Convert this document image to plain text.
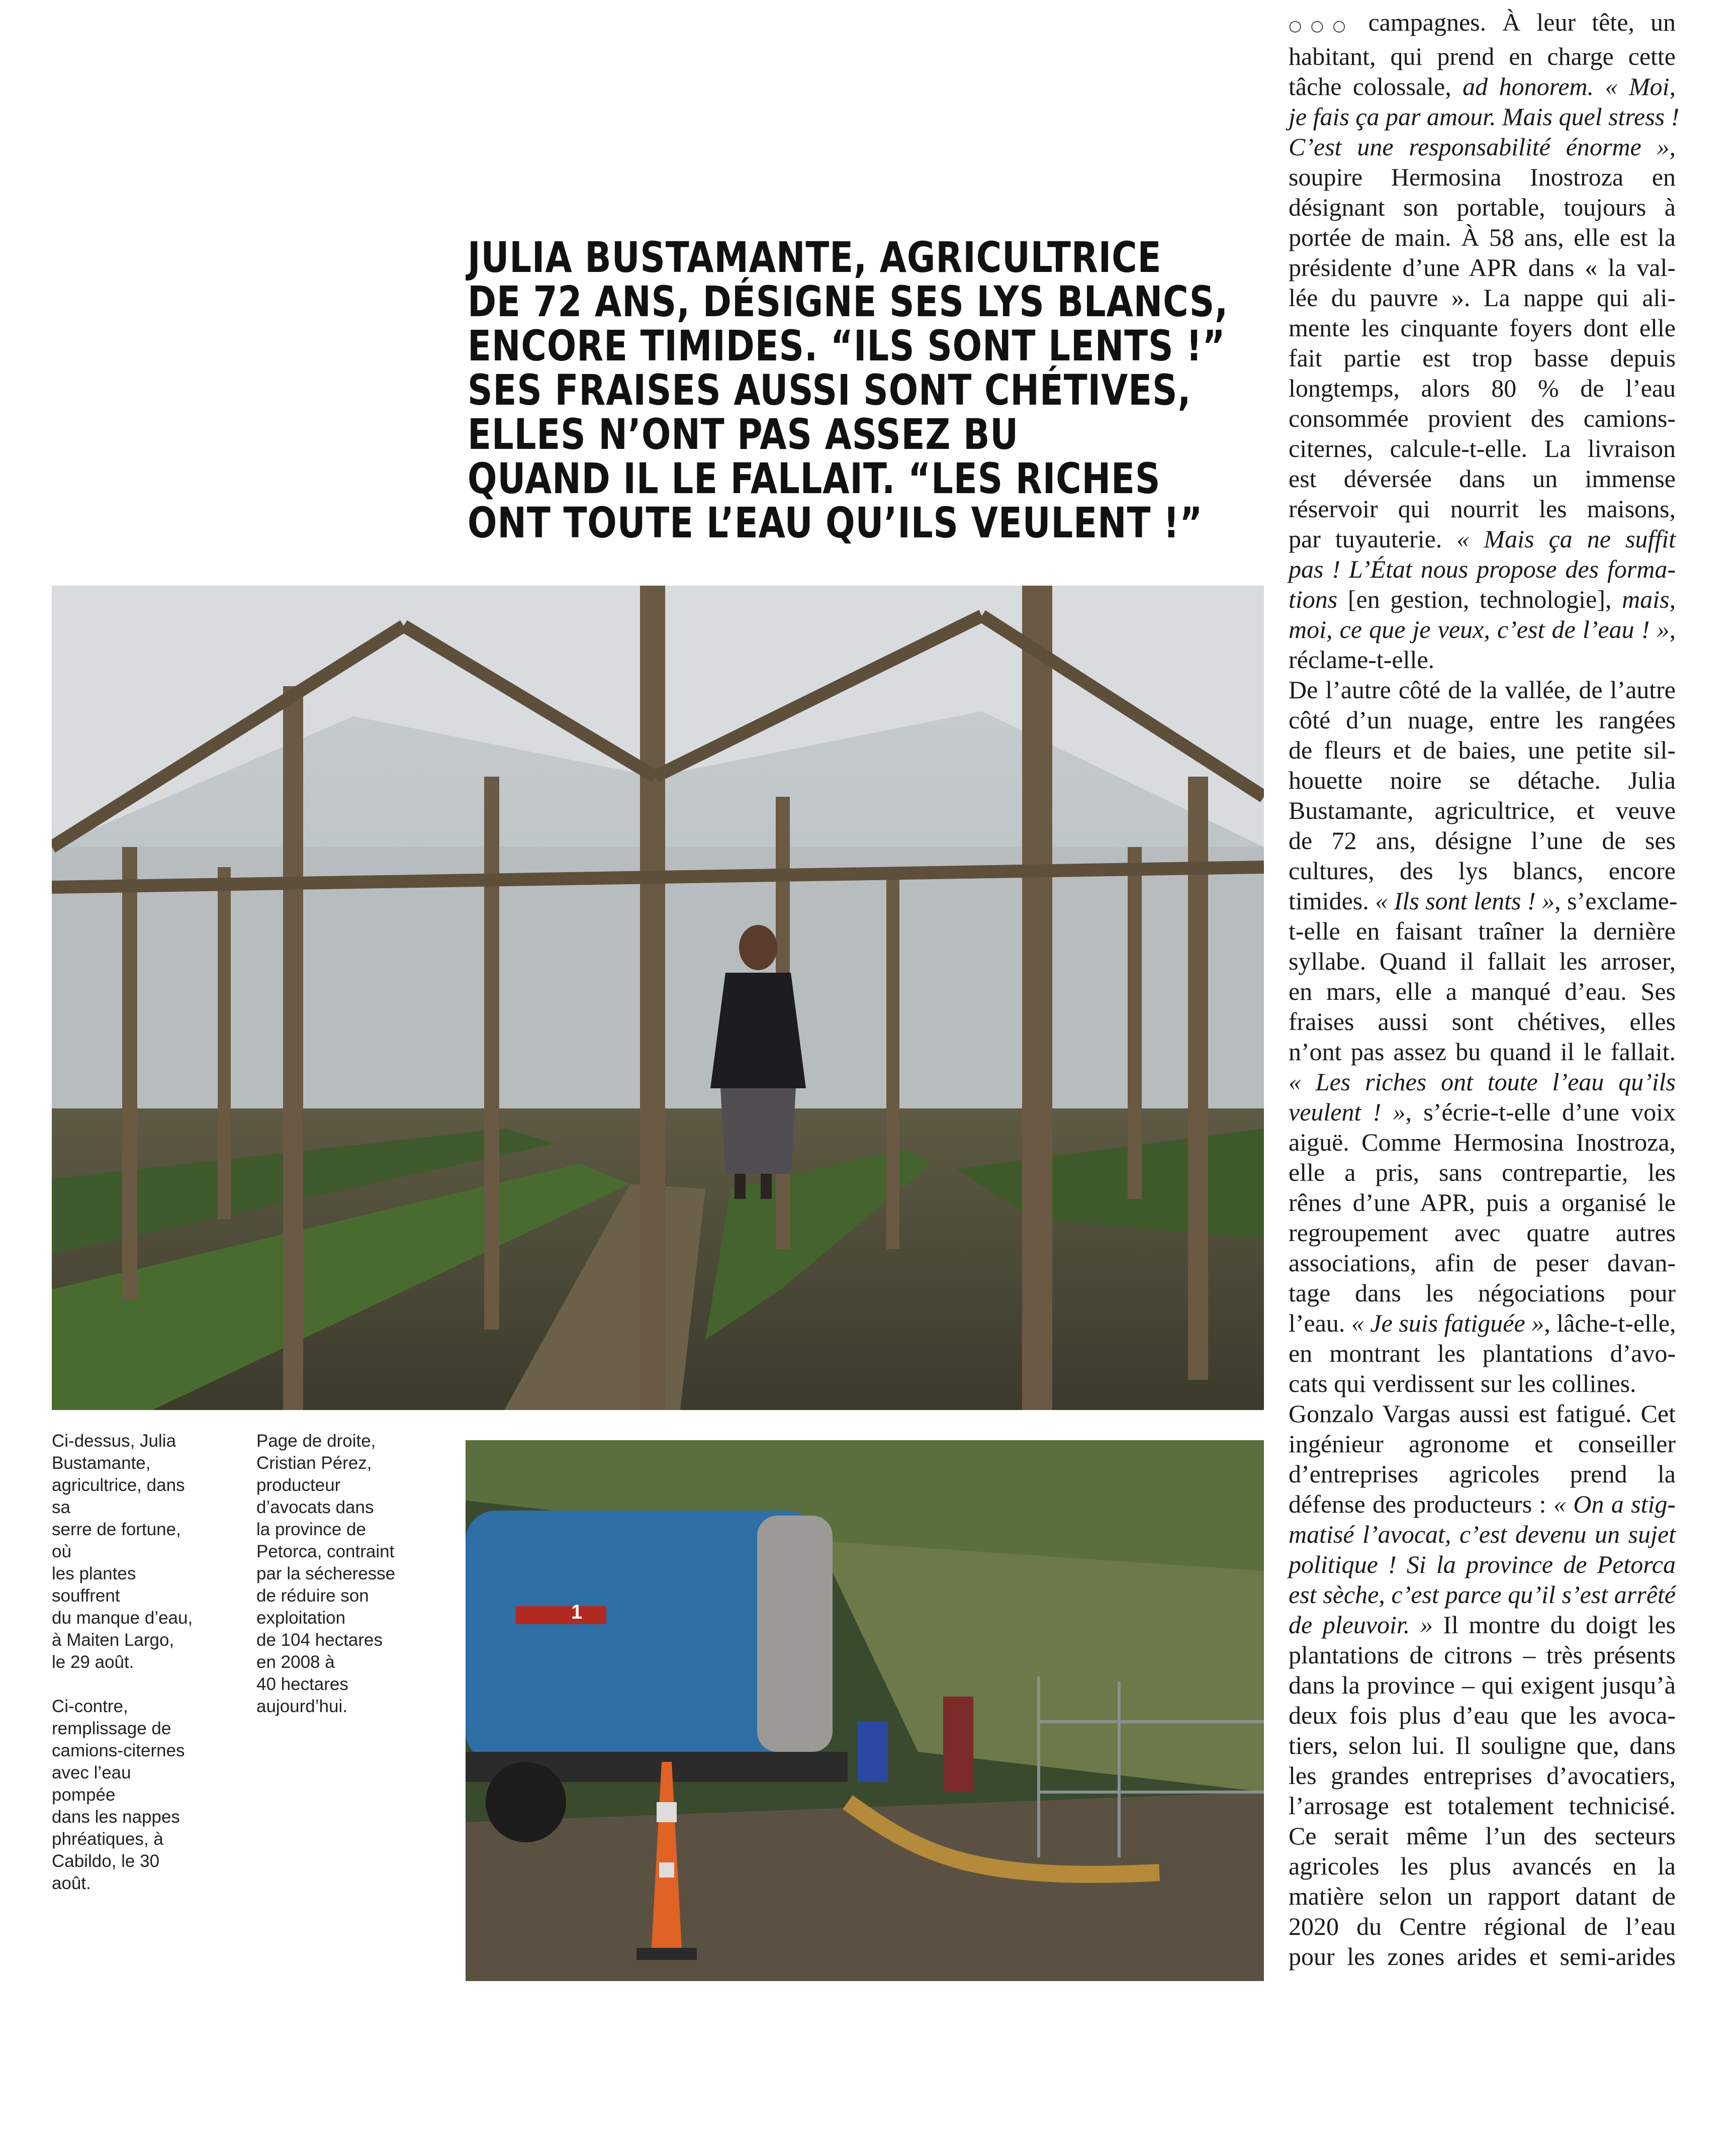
JULIA BUSTAMANTE, AGRICULTRICE
DE 72 ANS, DÉSIGNE SES LYS BLANCS,
ENCORE TIMIDES. “ILS SONT LENTS !”
SES FRAISES AUSSI SONT CHÉTIVES,
ELLES N’ONT PAS ASSEZ BU
QUAND IL LE FALLAIT. “LES RICHES
ONT TOUTE L’EAU QU’ILS VEULENT !”
1

Ci-dessus, Julia
Bustamante,
agricultrice, dans sa
serre de fortune, où
les plantes souffrent
du manque d’eau,
à Maiten Largo,
le 29 août.

Ci-contre,
remplissage de
camions-citernes
avec l’eau pompée
dans les nappes
phréatiques, à
Cabildo, le 30 août.

Page de droite,
Cristian Pérez,
producteur
d’avocats dans
la province de
Petorca, contraint
par la sécheresse
de réduire son
exploitation
de 104 hectares
en 2008 à
40 hectares
aujourd’hui.

○○○ campagnes. À leur tête, un
habitant, qui prend en charge cette
tâche colossale, ad honorem. « Moi,
je fais ça par amour. Mais quel stress !
C’est une responsabilité énorme »,
soupire Hermosina Inostroza en
désignant son portable, toujours à
portée de main. À 58 ans, elle est la
présidente d’une APR dans « la val-
lée du pauvre ». La nappe qui ali-
mente les cinquante foyers dont elle
fait partie est trop basse depuis
longtemps, alors 80 % de l’eau
consommée provient des camions-
citernes, calcule-t-elle. La livraison
est déversée dans un immense
réservoir qui nourrit les maisons,
par tuyauterie. « Mais ça ne suffit
pas ! L’État nous propose des forma-
tions [en gestion, technologie], mais,
moi, ce que je veux, c’est de l’eau ! »,
réclame-t-elle.
De l’autre côté de la vallée, de l’autre
côté d’un nuage, entre les rangées
de fleurs et de baies, une petite sil-
houette noire se détache. Julia
Bustamante, agricultrice, et veuve
de 72 ans, désigne l’une de ses
cultures, des lys blancs, encore
timides. « Ils sont lents ! », s’exclame-
t-elle en faisant traîner la dernière
syllabe. Quand il fallait les arroser,
en mars, elle a manqué d’eau. Ses
fraises aussi sont chétives, elles
n’ont pas assez bu quand il le fallait.
« Les riches ont toute l’eau qu’ils
veulent ! », s’écrie-t-elle d’une voix
aiguë. Comme Hermosina Inostroza,
elle a pris, sans contrepartie, les
rênes d’une APR, puis a organisé le
regroupement avec quatre autres
associations, afin de peser davan-
tage dans les négociations pour
l’eau. « Je suis fatiguée », lâche-t-elle,
en montrant les plantations d’avo-
cats qui verdissent sur les collines.
Gonzalo Vargas aussi est fatigué. Cet
ingénieur agronome et conseiller
d’entreprises agricoles prend la
défense des producteurs : « On a stig-
matisé l’avocat, c’est devenu un sujet
politique ! Si la province de Petorca
est sèche, c’est parce qu’il s’est arrêté
de pleuvoir. » Il montre du doigt les
plantations de citrons – très présents
dans la province – qui exigent jusqu’à
deux fois plus d’eau que les avoca-
tiers, selon lui. Il souligne que, dans
les grandes entreprises d’avocatiers,
l’arrosage est totalement technicisé.
Ce serait même l’un des secteurs
agricoles les plus avancés en la
matière selon un rapport datant de
2020 du Centre régional de l’eau
pour les zones arides et semi-arides
